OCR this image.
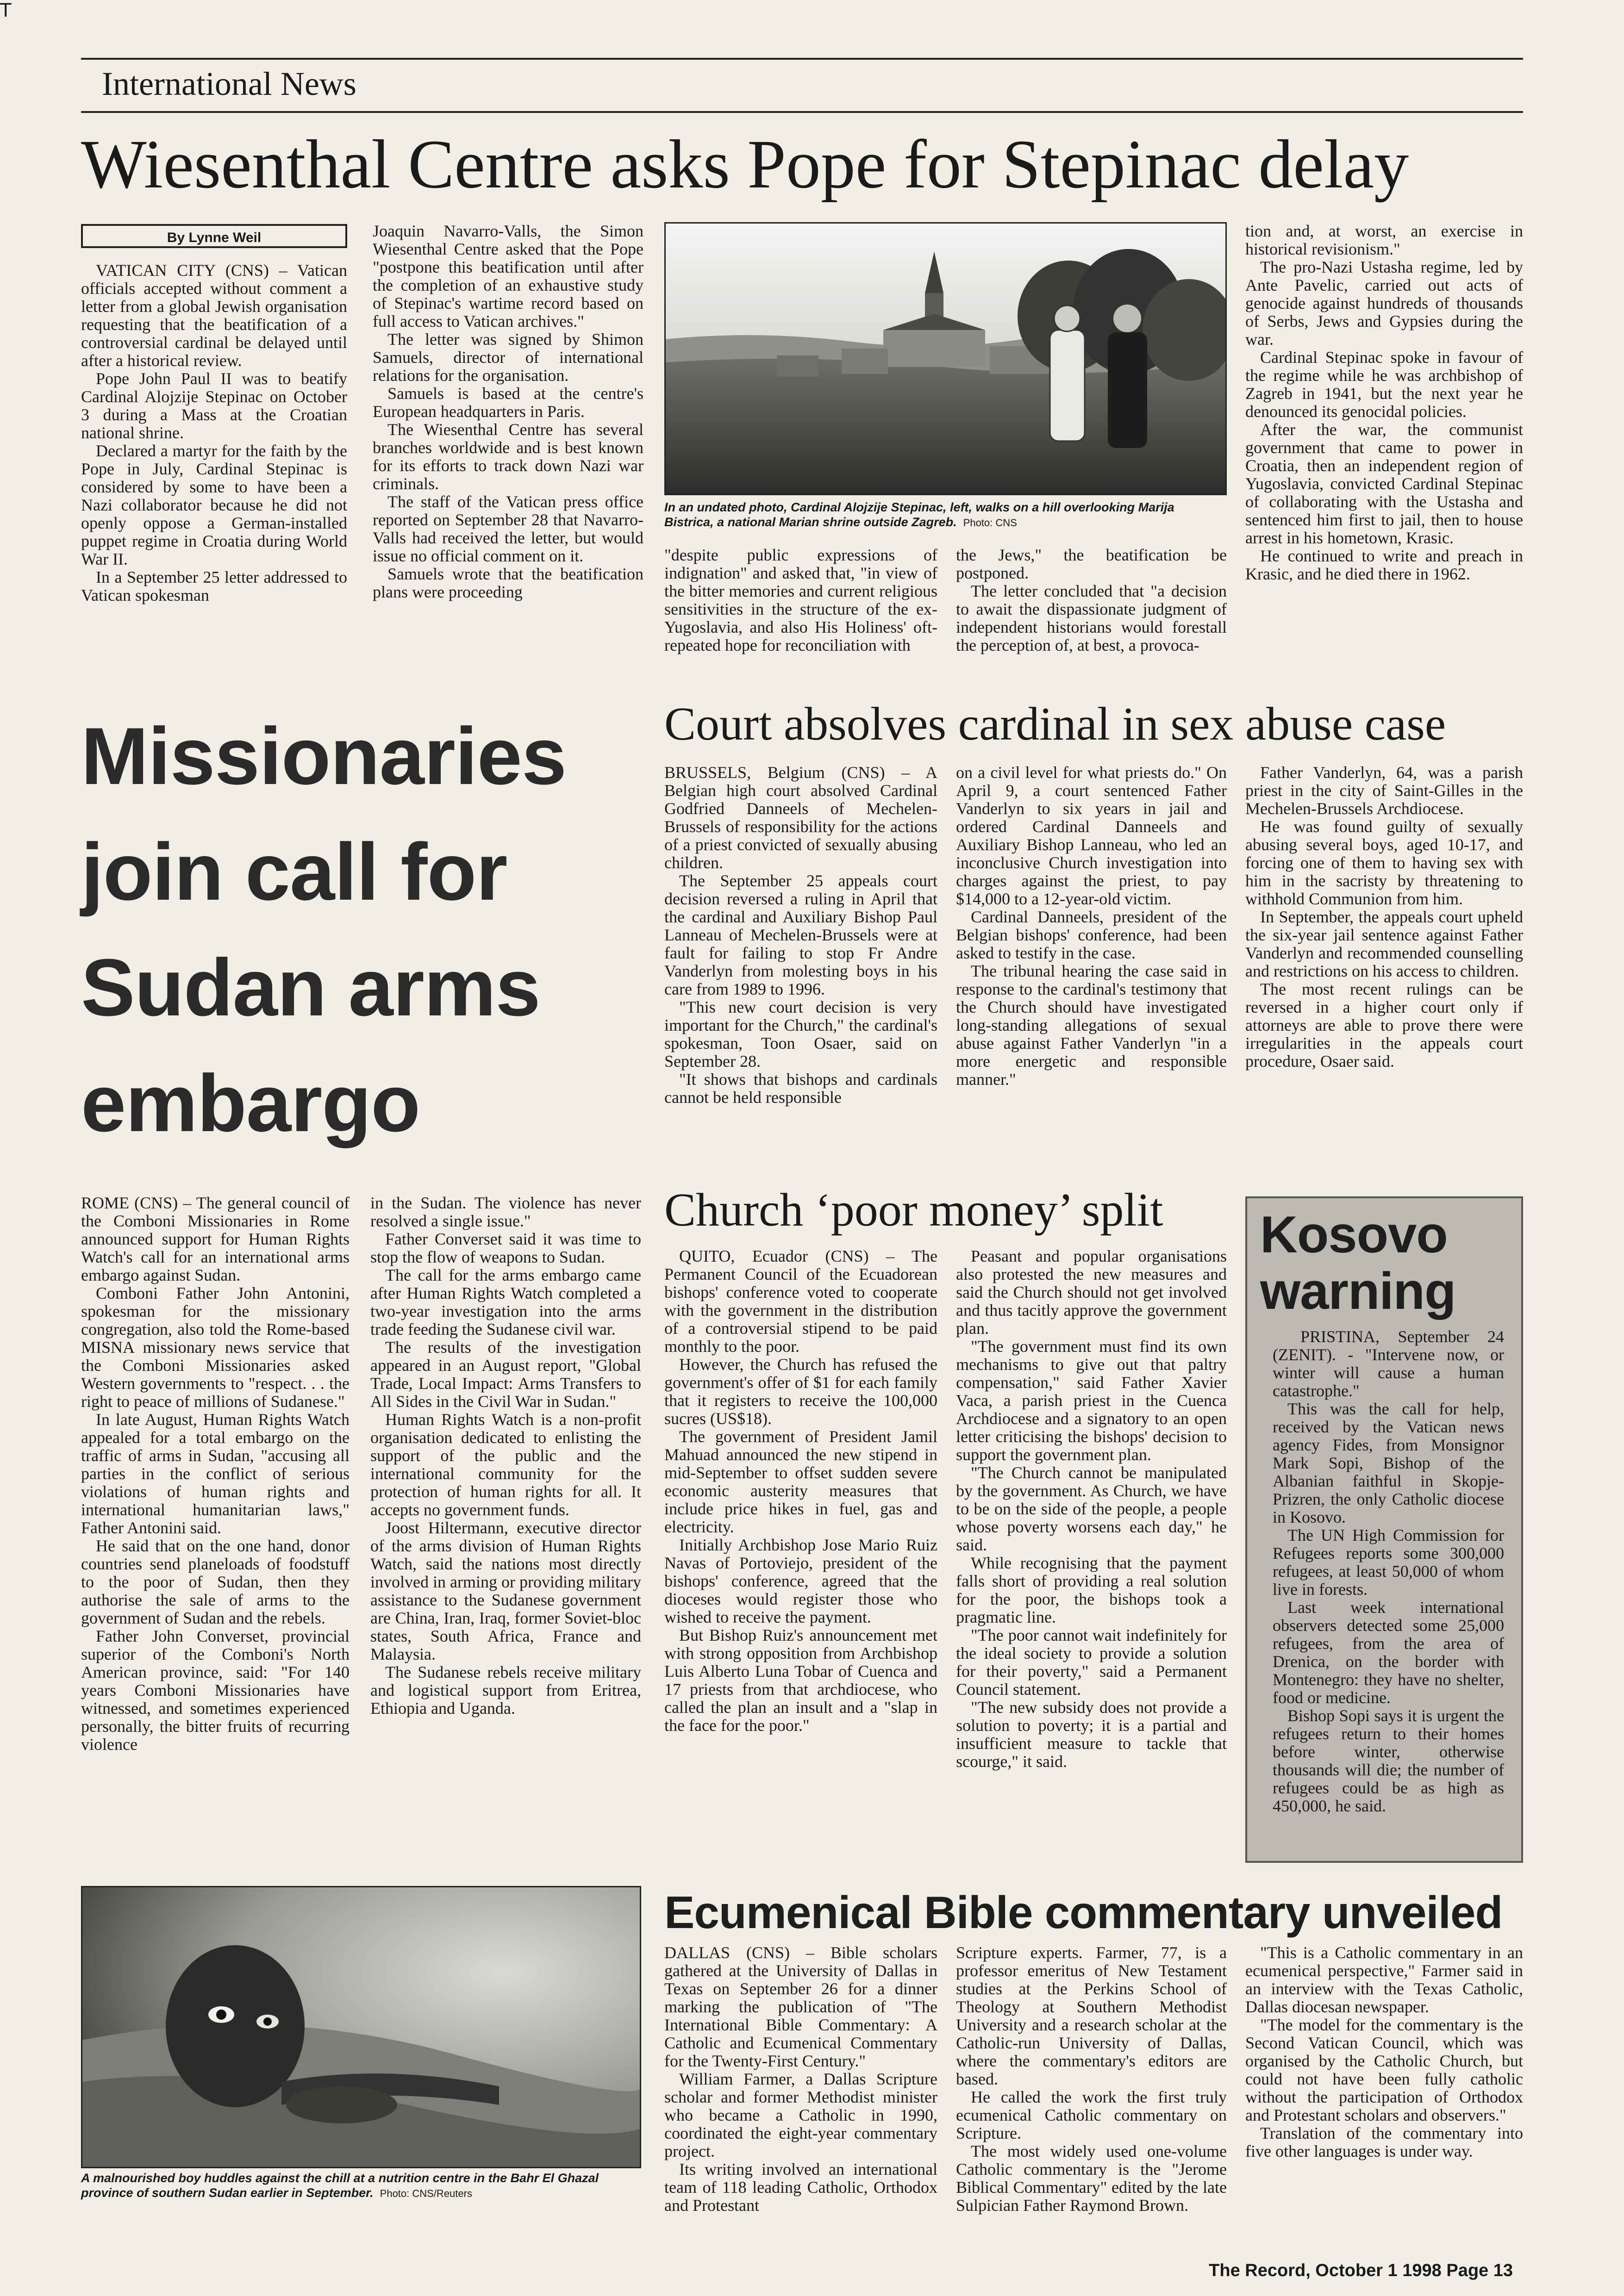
T
International News
Wiesenthal Centre asks Pope for Stepinac delay
By Lynne Weil

VATICAN CITY (CNS) – Vatican officials accepted without comment a letter from a global Jewish organisation requesting that the beatification of a controversial cardinal be delayed until after a historical review.

Pope John Paul II was to beatify Cardinal Alojzije Stepinac on October 3 during a Mass at the Croatian national shrine.

Declared a martyr for the faith by the Pope in July, Cardinal Stepinac is considered by some to have been a Nazi collaborator because he did not openly oppose a German-installed puppet regime in Croatia during World War II.

In a September 25 letter addressed to Vatican spokesman

Joaquin Navarro-Valls, the Simon Wiesenthal Centre asked that the Pope "postpone this beatification until after the completion of an exhaustive study of Stepinac's wartime record based on full access to Vatican archives."

The letter was signed by Shimon Samuels, director of international relations for the organisation.

Samuels is based at the centre's European headquarters in Paris.

The Wiesenthal Centre has several branches worldwide and is best known for its efforts to track down Nazi war criminals.

The staff of the Vatican press office reported on September 28 that Navarro-Valls had received the letter, but would issue no official comment on it.

Samuels wrote that the beatification plans were proceeding

In an undated photo, Cardinal Alojzije Stepinac, left, walks on a hill overlooking Marija Bistrica, a national Marian shrine outside Zagreb. Photo: CNS

"despite public expressions of indignation" and asked that, "in view of the bitter memories and current religious sensitivities in the structure of the ex-Yugoslavia, and also His Holiness' oft-repeated hope for reconciliation with

the Jews," the beatification be postponed.

The letter concluded that "a decision to await the dispassionate judgment of independent historians would forestall the perception of, at best, a provoca-

tion and, at worst, an exercise in historical revisionism."

The pro-Nazi Ustasha regime, led by Ante Pavelic, carried out acts of genocide against hundreds of thousands of Serbs, Jews and Gypsies during the war.

Cardinal Stepinac spoke in favour of the regime while he was archbishop of Zagreb in 1941, but the next year he denounced its genocidal policies.

After the war, the communist government that came to power in Croatia, then an independent region of Yugoslavia, convicted Cardinal Stepinac of collaborating with the Ustasha and sentenced him first to jail, then to house arrest in his hometown, Krasic.

He continued to write and preach in Krasic, and he died there in 1962.

Missionaries
join call for
Sudan arms
embargo

ROME (CNS) – The general council of the Comboni Missionaries in Rome announced support for Human Rights Watch's call for an international arms embargo against Sudan.

Comboni Father John Antonini, spokesman for the missionary congregation, also told the Rome-based MISNA missionary news service that the Comboni Missionaries asked Western governments to "respect. . . the right to peace of millions of Sudanese."

In late August, Human Rights Watch appealed for a total embargo on the traffic of arms in Sudan, "accusing all parties in the conflict of serious violations of human rights and international humanitarian laws," Father Antonini said.

He said that on the one hand, donor countries send planeloads of foodstuff to the poor of Sudan, then they authorise the sale of arms to the government of Sudan and the rebels.

Father John Converset, provincial superior of the Comboni's North American province, said: "For 140 years Comboni Missionaries have witnessed, and sometimes experienced personally, the bitter fruits of recurring violence

in the Sudan. The violence has never resolved a single issue."

Father Converset said it was time to stop the flow of weapons to Sudan.

The call for the arms embargo came after Human Rights Watch completed a two-year investigation into the arms trade feeding the Sudanese civil war.

The results of the investigation appeared in an August report, "Global Trade, Local Impact: Arms Transfers to All Sides in the Civil War in Sudan."

Human Rights Watch is a non-profit organisation dedicated to enlisting the support of the public and the international community for the protection of human rights for all. It accepts no government funds.

Joost Hiltermann, executive director of the arms division of Human Rights Watch, said the nations most directly involved in arming or providing military assistance to the Sudanese government are China, Iran, Iraq, former Soviet-bloc states, South Africa, France and Malaysia.

The Sudanese rebels receive military and logistical support from Eritrea, Ethiopia and Uganda.

A malnourished boy huddles against the chill at a nutrition centre in the Bahr El Ghazal province of southern Sudan earlier in September. Photo: CNS/Reuters
Court absolves cardinal in sex abuse case

BRUSSELS, Belgium (CNS) – A Belgian high court absolved Cardinal Godfried Danneels of Mechelen-Brussels of responsibility for the actions of a priest convicted of sexually abusing children.

The September 25 appeals court decision reversed a ruling in April that the cardinal and Auxiliary Bishop Paul Lanneau of Mechelen-Brussels were at fault for failing to stop Fr Andre Vanderlyn from molesting boys in his care from 1989 to 1996.

"This new court decision is very important for the Church," the cardinal's spokesman, Toon Osaer, said on September 28.

"It shows that bishops and cardinals cannot be held responsible

on a civil level for what priests do." On April 9, a court sentenced Father Vanderlyn to six years in jail and ordered Cardinal Danneels and Auxiliary Bishop Lanneau, who led an inconclusive Church investigation into charges against the priest, to pay $14,000 to a 12-year-old victim.

Cardinal Danneels, president of the Belgian bishops' conference, had been asked to testify in the case.

The tribunal hearing the case said in response to the cardinal's testimony that the Church should have investigated long-standing allegations of sexual abuse against Father Vanderlyn "in a more energetic and responsible manner."

Father Vanderlyn, 64, was a parish priest in the city of Saint-Gilles in the Mechelen-Brussels Archdiocese.

He was found guilty of sexually abusing several boys, aged 10-17, and forcing one of them to having sex with him in the sacristy by threatening to withhold Communion from him.

In September, the appeals court upheld the six-year jail sentence against Father Vanderlyn and recommended counselling and restrictions on his access to children.

The most recent rulings can be reversed in a higher court only if attorneys are able to prove there were irregularities in the appeals court procedure, Osaer said.

Church ‘poor money’ split

QUITO, Ecuador (CNS) – The Permanent Council of the Ecuadorean bishops' conference voted to cooperate with the government in the distribution of a controversial stipend to be paid monthly to the poor.

However, the Church has refused the government's offer of $1 for each family that it registers to receive the 100,000 sucres (US$18).

The government of President Jamil Mahuad announced the new stipend in mid-September to offset sudden severe economic austerity measures that include price hikes in fuel, gas and electricity.

Initially Archbishop Jose Mario Ruiz Navas of Portoviejo, president of the bishops' conference, agreed that the dioceses would register those who wished to receive the payment.

But Bishop Ruiz's announcement met with strong opposition from Archbishop Luis Alberto Luna Tobar of Cuenca and 17 priests from that archdiocese, who called the plan an insult and a "slap in the face for the poor."

Peasant and popular organisations also protested the new measures and said the Church should not get involved and thus tacitly approve the government plan.

"The government must find its own mechanisms to give out that paltry compensation," said Father Xavier Vaca, a parish priest in the Cuenca Archdiocese and a signatory to an open letter criticising the bishops' decision to support the government plan.

"The Church cannot be manipulated by the government. As Church, we have to be on the side of the people, a people whose poverty worsens each day," he said.

While recognising that the payment falls short of providing a real solution for the poor, the bishops took a pragmatic line.

"The poor cannot wait indefinitely for the ideal society to provide a solution for their poverty," said a Permanent Council statement.

"The new subsidy does not provide a solution to poverty; it is a partial and insufficient measure to tackle that scourge," it said.

Kosovo
warning

PRISTINA, September 24 (ZENIT). - "Intervene now, or winter will cause a human catastrophe."

This was the call for help, received by the Vatican news agency Fides, from Monsignor Mark Sopi, Bishop of the Albanian faithful in Skopje-Prizren, the only Catholic diocese in Kosovo.

The UN High Commission for Refugees reports some 300,000 refugees, at least 50,000 of whom live in forests.

Last week international observers detected some 25,000 refugees, from the area of Drenica, on the border with Montenegro: they have no shelter, food or medicine.

Bishop Sopi says it is urgent the refugees return to their homes before winter, otherwise thousands will die; the number of refugees could be as high as 450,000, he said.

Ecumenical Bible commentary unveiled

DALLAS (CNS) – Bible scholars gathered at the University of Dallas in Texas on September 26 for a dinner marking the publication of "The International Bible Commentary: A Catholic and Ecumenical Commentary for the Twenty-First Century."

William Farmer, a Dallas Scripture scholar and former Methodist minister who became a Catholic in 1990, coordinated the eight-year commentary project.

Its writing involved an international team of 118 leading Catholic, Orthodox and Protestant

Scripture experts. Farmer, 77, is a professor emeritus of New Testament studies at the Perkins School of Theology at Southern Methodist University and a research scholar at the Catholic-run University of Dallas, where the commentary's editors are based.

He called the work the first truly ecumenical Catholic commentary on Scripture.

The most widely used one-volume Catholic commentary is the "Jerome Biblical Commentary" edited by the late Sulpician Father Raymond Brown.

"This is a Catholic commentary in an ecumenical perspective," Farmer said in an interview with the Texas Catholic, Dallas diocesan newspaper.

"The model for the commentary is the Second Vatican Council, which was organised by the Catholic Church, but could not have been fully catholic without the participation of Orthodox and Protestant scholars and observers."

Translation of the commentary into five other languages is under way.

The Record, October 1 1998 Page 13
